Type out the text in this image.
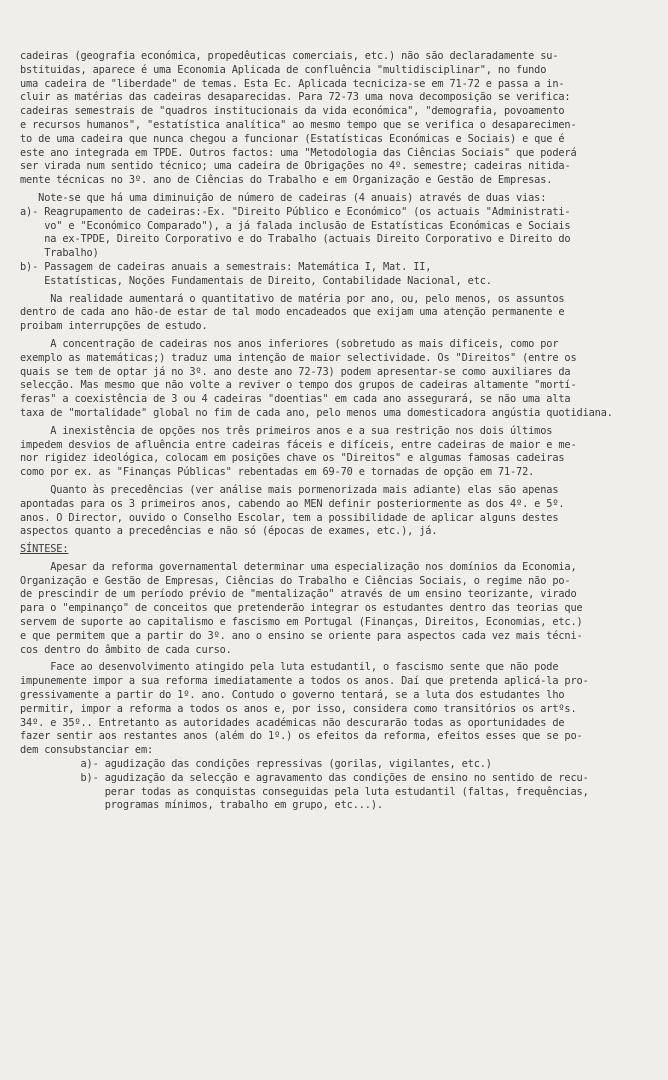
cadeiras (geografia económica, propedêuticas comerciais, etc.) não são declaradamente su-
bstituidas, aparece é uma Economia Aplicada de confluência "multidisciplinar", no fundo
uma cadeira de "liberdade" de temas. Esta Ec. Aplicada tecniciza-se em 71-72 e passa a in-
cluir as matérias das cadeiras desaparecidas. Para 72-73 uma nova decomposição se verifica:
cadeiras semestrais de "quadros institucionais da vida económica", "demografia, povoamento
e recursos humanos", "estatística analítica" ao mesmo tempo que se verifica o desaparecimen-
to de uma cadeira que nunca chegou a funcionar (Estatísticas Económicas e Sociais) e que é
este ano integrada em TPDE. Outros factos: uma "Metodologia das Ciências Sociais" que poderá
ser virada num sentido técnico; uma cadeira de Obrigações no 4º. semestre; cadeiras nitida-
mente técnicas no 3º. ano de Ciências do Trabalho e em Organização e Gestão de Empresas.
Note-se que há uma diminuição de número de cadeiras (4 anuais) através de duas vias:
a)- Reagrupamento de cadeiras:-Ex. "Direito Público e Económico" (os actuais "Administrati-
vo" e "Económico Comparado"), a já falada inclusão de Estatísticas Económicas e Sociais
na ex-TPDE, Direito Corporativo e do Trabalho (actuais Direito Corporativo e Direito do
Trabalho)
b)- Passagem de cadeiras anuais a semestrais: Matemática I, Mat. II,
Estatísticas, Noções Fundamentais de Direito, Contabilidade Nacional, etc.
Na realidade aumentará o quantitativo de matéria por ano, ou, pelo menos, os assuntos
dentro de cada ano hão-de estar de tal modo encadeados que exijam uma atenção permanente e
proibam interrupções de estudo.
A concentração de cadeiras nos anos inferiores (sobretudo as mais dificeis, como por
exemplo as matemáticas;) traduz uma intenção de maior selectividade. Os "Direitos" (entre os
quais se tem de optar já no 3º. ano deste ano 72-73) podem apresentar-se como auxiliares da
selecção. Mas mesmo que não volte a reviver o tempo dos grupos de cadeiras altamente "mortí-
feras" a coexistência de 3 ou 4 cadeiras "doentias" em cada ano assegurará, se não uma alta
taxa de "mortalidade" global no fim de cada ano, pelo menos uma domesticadora angústia quotidiana.
A inexistência de opções nos três primeiros anos e a sua restrição nos dois últimos
impedem desvios de afluência entre cadeiras fáceis e difíceis, entre cadeiras de maior e me-
nor rigidez ideológica, colocam em posições chave os "Direitos" e algumas famosas cadeiras
como por ex. as "Finanças Públicas" rebentadas em 69-70 e tornadas de opção em 71-72.
Quanto às precedências (ver análise mais pormenorizada mais adiante) elas são apenas
apontadas para os 3 primeiros anos, cabendo ao MEN definir posteriormente as dos 4º. e 5º.
anos. O Director, ouvido o Conselho Escolar, tem a possibilidade de aplicar alguns destes
aspectos quanto a precedências e não só (épocas de exames, etc.), já.
SÍNTESE:
Apesar da reforma governamental determinar uma especialização nos domínios da Economia,
Organização e Gestão de Empresas, Ciências do Trabalho e Ciências Sociais, o regime não po-
de prescindir de um período prévio de "mentalização" através de um ensino teorizante, virado
para o "empinanço" de conceitos que pretenderão integrar os estudantes dentro das teorias que
servem de suporte ao capitalismo e fascismo em Portugal (Finanças, Direitos, Economias, etc.)
e que permitem que a partir do 3º. ano o ensino se oriente para aspectos cada vez mais técni-
cos dentro do âmbito de cada curso.
Face ao desenvolvimento atingido pela luta estudantil, o fascismo sente que não pode
impunemente impor a sua reforma imediatamente a todos os anos. Daí que pretenda aplicá-la pro-
gressivamente a partir do 1º. ano. Contudo o governo tentará, se a luta dos estudantes lho
permitir, impor a reforma a todos os anos e, por isso, considera como transitórios os artºs.
34º. e 35º.. Entretanto as autoridades académicas não descurarão todas as oportunidades de
fazer sentir aos restantes anos (além do 1º.) os efeitos da reforma, efeitos esses que se po-
dem consubstanciar em:
a)- agudização das condições repressivas (gorilas, vigilantes, etc.)
b)- agudização da selecção e agravamento das condições de ensino no sentido de recu-
perar todas as conquistas conseguidas pela luta estudantil (faltas, frequências,
programas mínimos, trabalho em grupo, etc...).
